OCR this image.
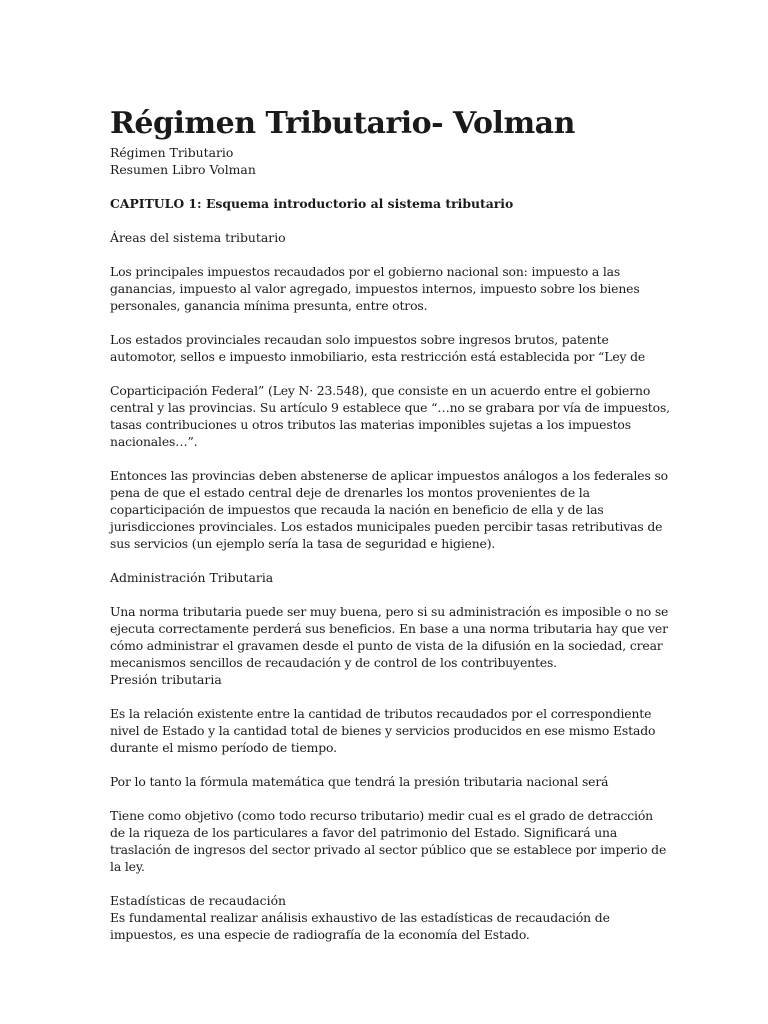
Régimen Tributario- Volman

Régimen Tributario

Resumen Libro Volman

CAPITULO 1: Esquema introductorio al sistema tributario

Áreas del sistema tributario

Los principales impuestos recaudados por el gobierno nacional son: impuesto a las ganancias, impuesto al valor agregado, impuestos internos, impuesto sobre los bienes personales, ganancia mínima presunta, entre otros.

Los estados provinciales recaudan solo impuestos sobre ingresos brutos, patente automotor, sellos e impuesto inmobiliario, esta restricción está establecida por “Ley de

Coparticipación Federal” (Ley N· 23.548), que consiste en un acuerdo entre el gobierno central y las provincias. Su artículo 9 establece que “…no se grabara por vía de impuestos, tasas contribuciones u otros tributos las materias imponibles sujetas a los impuestos nacionales…”.

Entonces las provincias deben abstenerse de aplicar impuestos análogos a los federales so pena de que el estado central deje de drenarles los montos provenientes de la coparticipación de impuestos que recauda la nación en beneficio de ella y de las jurisdicciones provinciales. Los estados municipales pueden percibir tasas retributivas de sus servicios (un ejemplo sería la tasa de seguridad e higiene).

Administración Tributaria

Una norma tributaria puede ser muy buena, pero si su administración es imposible o no se ejecuta correctamente perderá sus beneficios. En base a una norma tributaria hay que ver cómo administrar el gravamen desde el punto de vista de la difusión en la sociedad, crear mecanismos sencillos de recaudación y de control de los contribuyentes.

Presión tributaria

Es la relación existente entre la cantidad de tributos recaudados por el correspondiente nivel de Estado y la cantidad total de bienes y servicios producidos en ese mismo Estado durante el mismo período de tiempo.

Por lo tanto la fórmula matemática que tendrá la presión tributaria nacional será

Tiene como objetivo (como todo recurso tributario) medir cual es el grado de detracción de la riqueza de los particulares a favor del patrimonio del Estado. Significará una traslación de ingresos del sector privado al sector público que se establece por imperio de la ley.

Estadísticas de recaudación

Es fundamental realizar análisis exhaustivo de las estadísticas de recaudación de impuestos, es una especie de radiografía de la economía del Estado.
